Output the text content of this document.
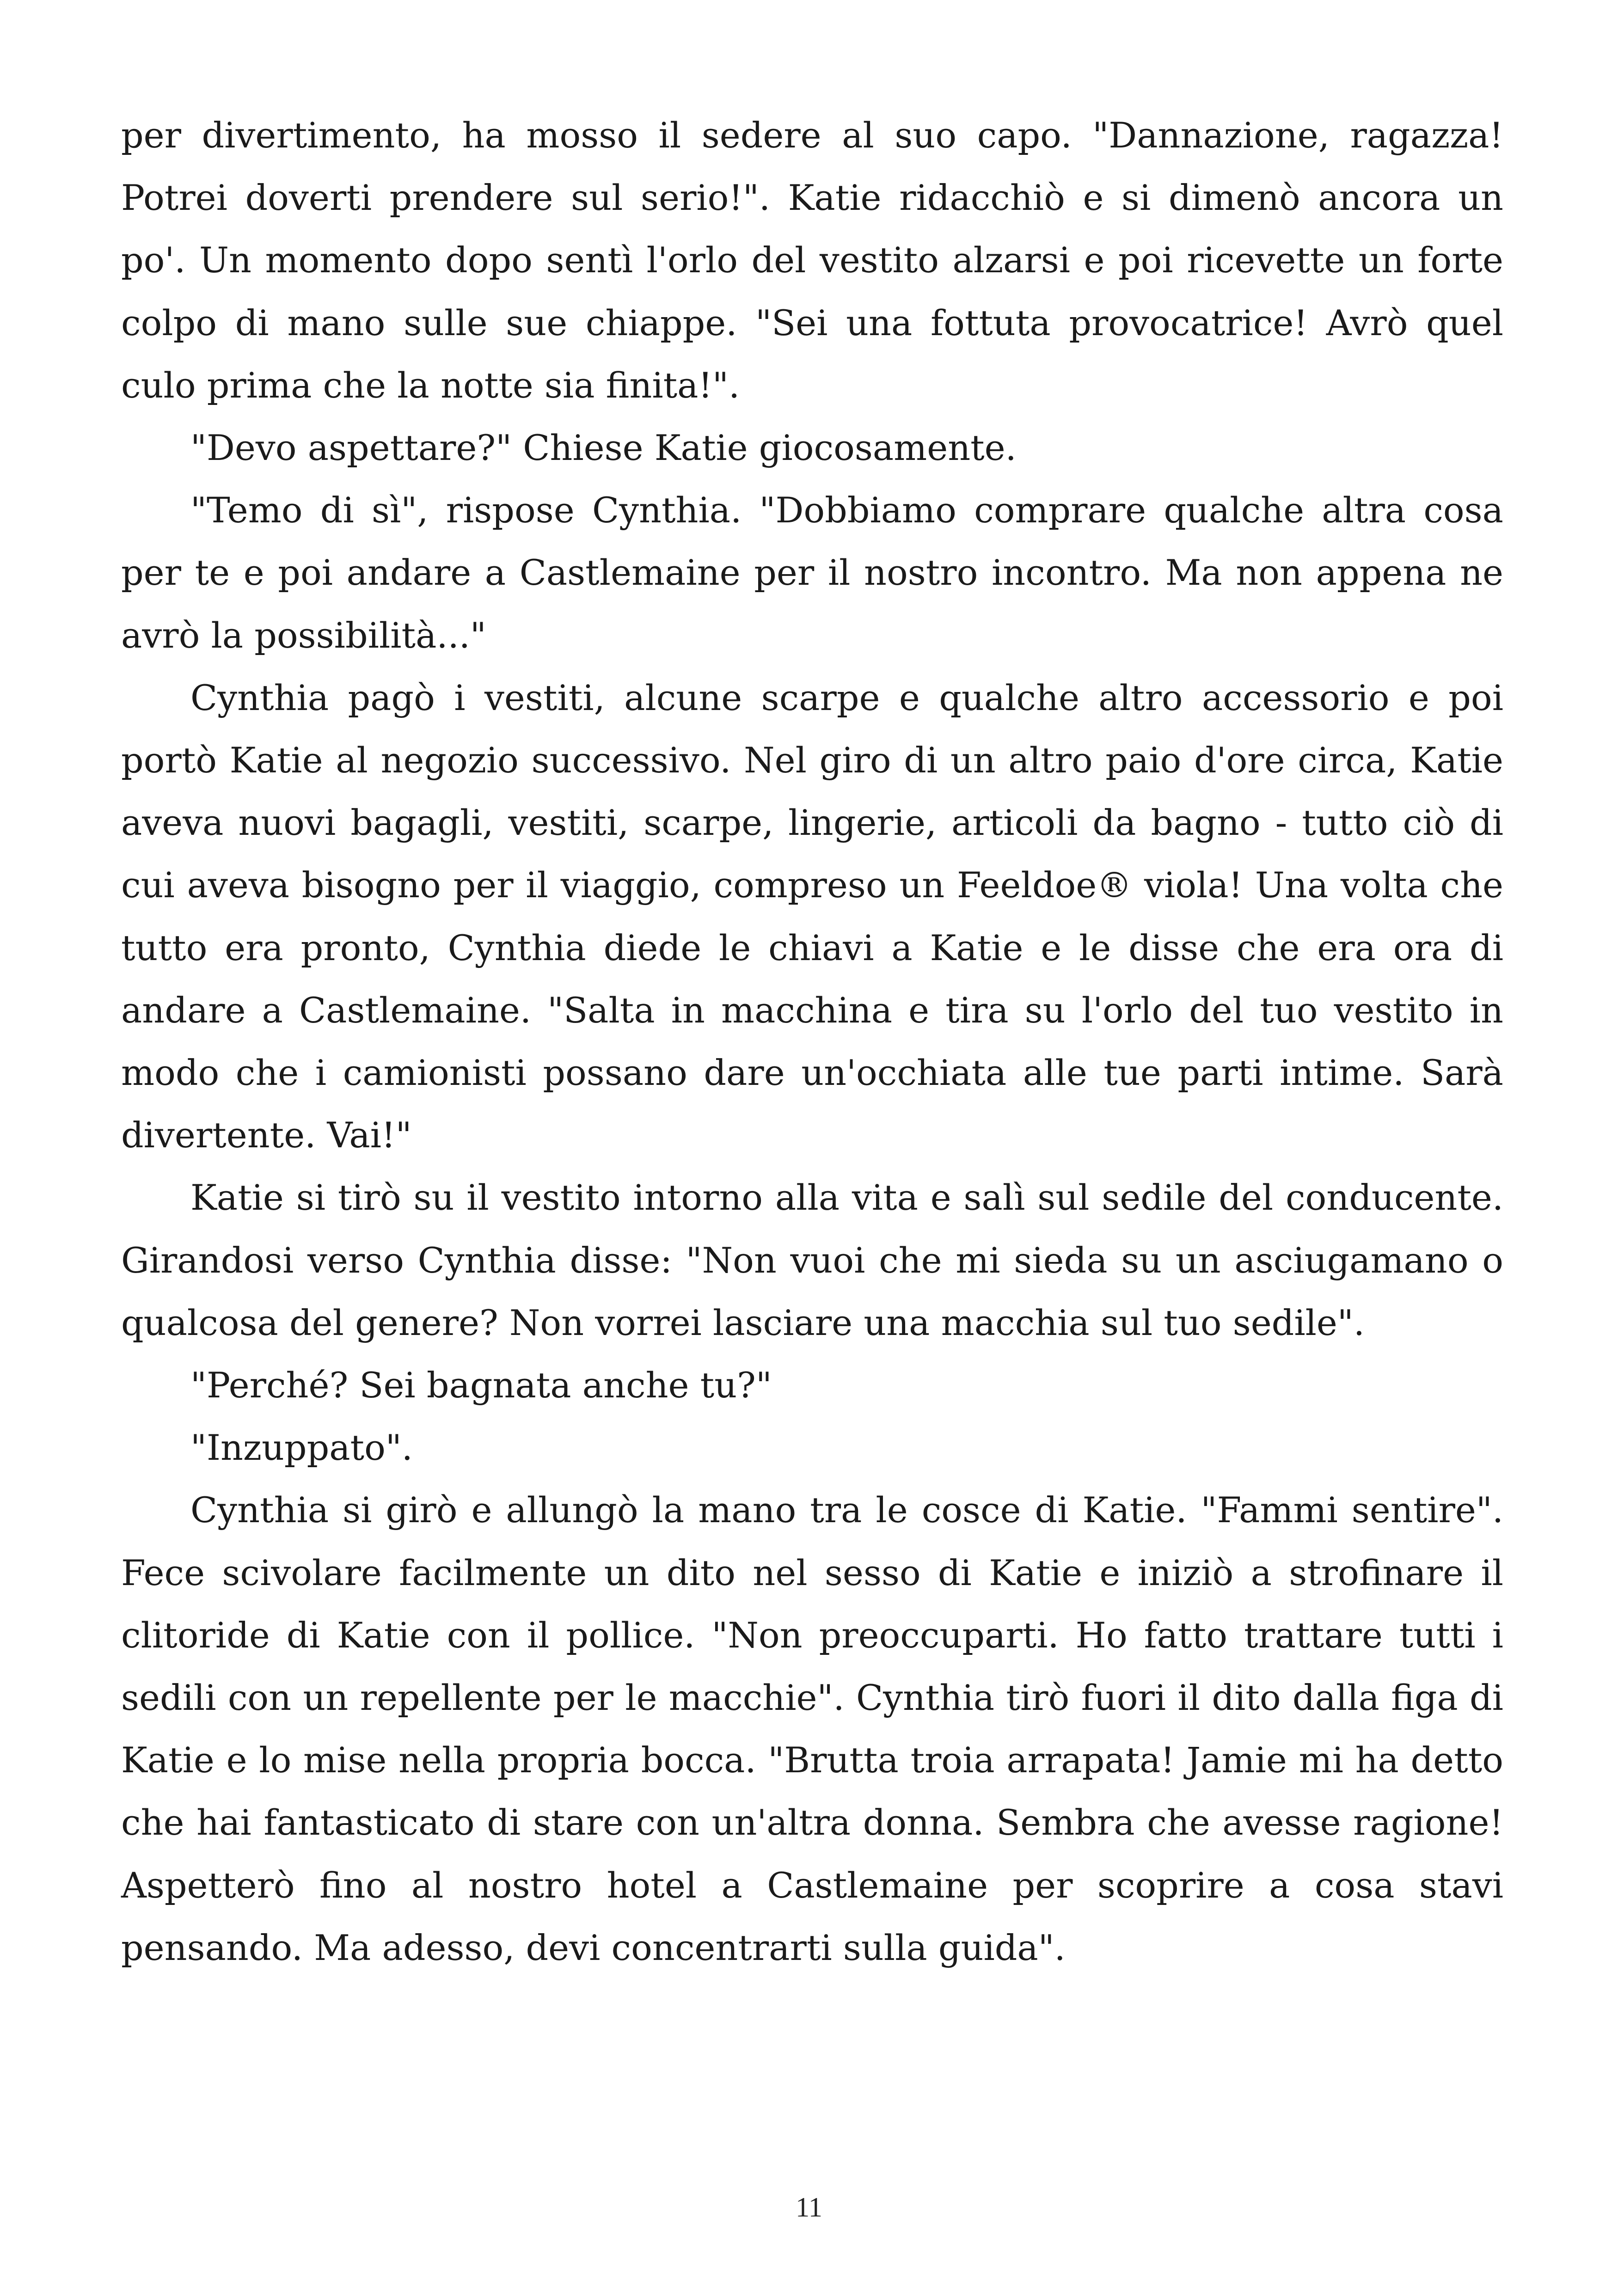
per divertimento, ha mosso il sedere al suo capo. "Dannazione, ragazza! Potrei doverti prendere sul serio!". Katie ridacchiò e si dimenò ancora un po'. Un momento dopo sentì l'orlo del vestito alzarsi e poi ricevette un forte colpo di mano sulle sue chiappe. "Sei una fottuta provocatrice! Avrò quel culo prima che la notte sia finita!".

"Devo aspettare?" Chiese Katie giocosamente.

"Temo di sì", rispose Cynthia. "Dobbiamo comprare qualche altra cosa per te e poi andare a Castlemaine per il nostro incontro. Ma non appena ne avrò la possibilità..."

Cynthia pagò i vestiti, alcune scarpe e qualche altro accessorio e poi portò Katie al negozio successivo. Nel giro di un altro paio d'ore circa, Katie aveva nuovi bagagli, vestiti, scarpe, lingerie, articoli da bagno - tutto ciò di cui aveva bisogno per il viaggio, compreso un Feeldoe® viola! Una volta che tutto era pronto, Cynthia diede le chiavi a Katie e le disse che era ora di andare a Castlemaine. "Salta in macchina e tira su l'orlo del tuo vestito in modo che i camionisti possano dare un'occhiata alle tue parti intime. Sarà divertente. Vai!"

Katie si tirò su il vestito intorno alla vita e salì sul sedile del conducente. Girandosi verso Cynthia disse: "Non vuoi che mi sieda su un asciugamano o qualcosa del genere? Non vorrei lasciare una macchia sul tuo sedile".

"Perché? Sei bagnata anche tu?"

"Inzuppato".

Cynthia si girò e allungò la mano tra le cosce di Katie. "Fammi sentire". Fece scivolare facilmente un dito nel sesso di Katie e iniziò a strofinare il clitoride di Katie con il pollice. "Non preoccuparti. Ho fatto trattare tutti i sedili con un repellente per le macchie". Cynthia tirò fuori il dito dalla figa di Katie e lo mise nella propria bocca. "Brutta troia arrapata! Jamie mi ha detto che hai fantasticato di stare con un'altra donna. Sembra che avesse ragione! Aspetterò fino al nostro hotel a Castlemaine per scoprire a cosa stavi pensando. Ma adesso, devi concentrarti sulla guida".

11
